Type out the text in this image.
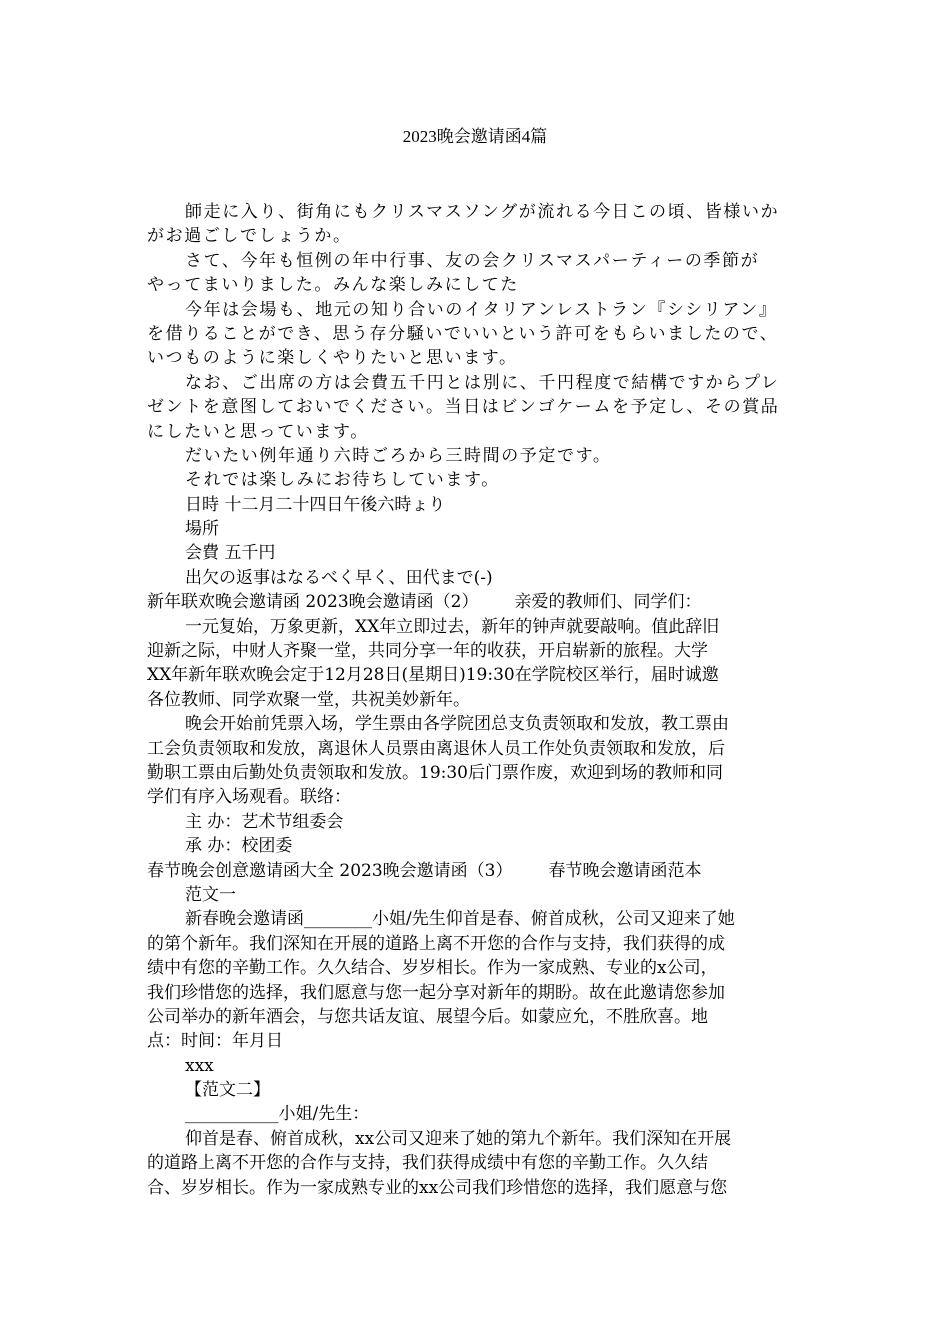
2023晚会邀请函4篇
師走に入り、街角にもクリスマスソングが流れる今日この頃、皆様いか
がお過ごしでしょうか。
さて、今年も恒例の年中行事、友の会クリスマスパーティーの季節が
やってまいりました。みんな楽しみにしてた
今年は会場も、地元の知り合いのイタリアンレストラン『シシリアン』
を借りることができ、思う存分騒いでいいという許可をもらいましたので、
いつものように楽しくやりたいと思います。
なお、ご出席の方は会費五千円とは別に、千円程度で結構ですからプレ
ゼントを意图しておいでください。当日はビンゴケームを予定し、その賞品
にしたいと思っています。
だいたい例年通り六時ごろから三時間の予定です。
それでは楽しみにお待ちしています。
日時 十二月二十四日午後六時ょり
場所
会費 五千円
出欠の返事はなるべく早く、田代まで(-)
新年联欢晚会邀请函 2023晚会邀请函（2） 亲爱的教师们、同学们：
一元复始，万象更新，XX年立即过去，新年的钟声就要敲响。值此辞旧
迎新之际，中财人齐聚一堂，共同分享一年的收获，开启崭新的旅程。大学
XX年新年联欢晚会定于12月28日(星期日)19:30在学院校区举行，届时诚邀
各位教师、同学欢聚一堂，共祝美妙新年。
晚会开始前凭票入场，学生票由各学院团总支负责领取和发放，教工票由
工会负责领取和发放，离退休人员票由离退休人员工作处负责领取和发放，后
勤职工票由后勤处负责领取和发放。19:30后门票作废，欢迎到场的教师和同
学们有序入场观看。联络：
主 办：艺术节组委会
承 办：校团委
春节晚会创意邀请函大全 2023晚会邀请函（3） 春节晚会邀请函范本
范文一
新春晚会邀请函________小姐/先生仰首是春、俯首成秋，公司又迎来了她
的第个新年。我们深知在开展的道路上离不开您的合作与支持，我们获得的成
绩中有您的辛勤工作。久久结合、岁岁相长。作为一家成熟、专业的x公司，
我们珍惜您的选择，我们愿意与您一起分享对新年的期盼。故在此邀请您参加
公司举办的新年酒会，与您共话友谊、展望今后。如蒙应允，不胜欣喜。地
点：时间：年月日
xxx
【范文二】
___________小姐/先生：
仰首是春、俯首成秋，xx公司又迎来了她的第九个新年。我们深知在开展
的道路上离不开您的合作与支持，我们获得成绩中有您的辛勤工作。久久结
合、岁岁相长。作为一家成熟专业的xx公司我们珍惜您的选择，我们愿意与您
